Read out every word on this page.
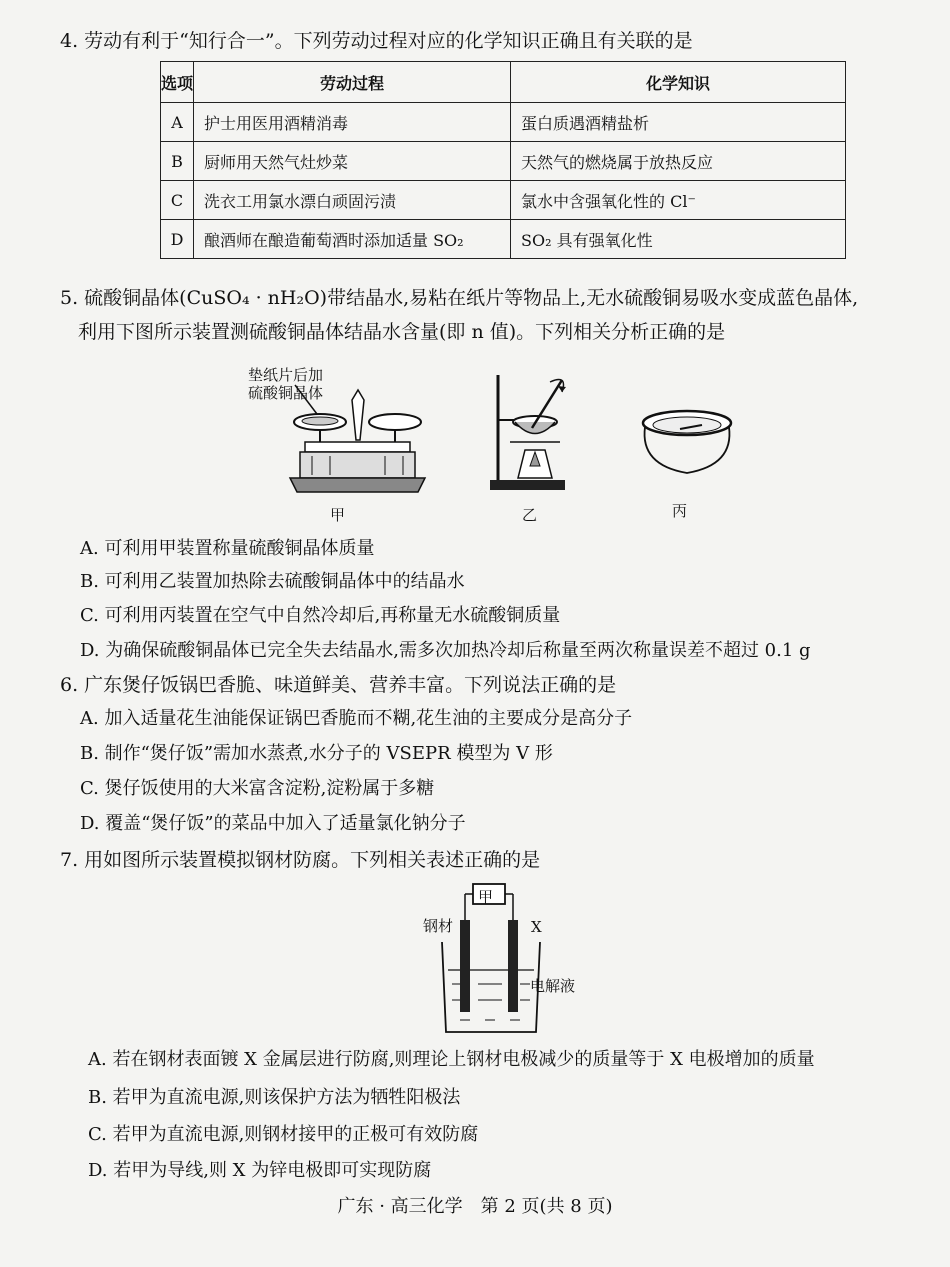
4. 劳动有利于“知行合一”。下列劳动过程对应的化学知识正确且有关联的是
选项	劳动过程	化学知识
A	护士用医用酒精消毒	蛋白质遇酒精盐析
B	厨师用天然气灶炒菜	天然气的燃烧属于放热反应
C	洗衣工用氯水漂白顽固污渍	氯水中含强氧化性的 Cl⁻
D	酿酒师在酿造葡萄酒时添加适量 SO₂	SO₂ 具有强氧化性
5. 硫酸铜晶体(CuSO₄ · nH₂O)带结晶水,易粘在纸片等物品上,无水硫酸铜易吸水变成蓝色晶体,
利用下图所示装置测硫酸铜晶体结晶水含量(即 n 值)。下列相关分析正确的是
垫纸片后加
硫酸铜晶体
甲	乙	丙
A. 可利用甲装置称量硫酸铜晶体质量
B. 可利用乙装置加热除去硫酸铜晶体中的结晶水
C. 可利用丙装置在空气中自然冷却后,再称量无水硫酸铜质量
D. 为确保硫酸铜晶体已完全失去结晶水,需多次加热冷却后称量至两次称量误差不超过 0.1 g
6. 广东煲仔饭锅巴香脆、味道鲜美、营养丰富。下列说法正确的是
A. 加入适量花生油能保证锅巴香脆而不糊,花生油的主要成分是高分子
B. 制作“煲仔饭”需加水蒸煮,水分子的 VSEPR 模型为 V 形
C. 煲仔饭使用的大米富含淀粉,淀粉属于多糖
D. 覆盖“煲仔饭”的菜品中加入了适量氯化钠分子
7. 用如图所示装置模拟钢材防腐。下列相关表述正确的是
甲
钢材	X
电解液
A. 若在钢材表面镀 X 金属层进行防腐,则理论上钢材电极减少的质量等于 X 电极增加的质量
B. 若甲为直流电源,则该保护方法为牺牲阳极法
C. 若甲为直流电源,则钢材接甲的正极可有效防腐
D. 若甲为导线,则 X 为锌电极即可实现防腐
广东 · 高三化学　第 2 页(共 8 页)
